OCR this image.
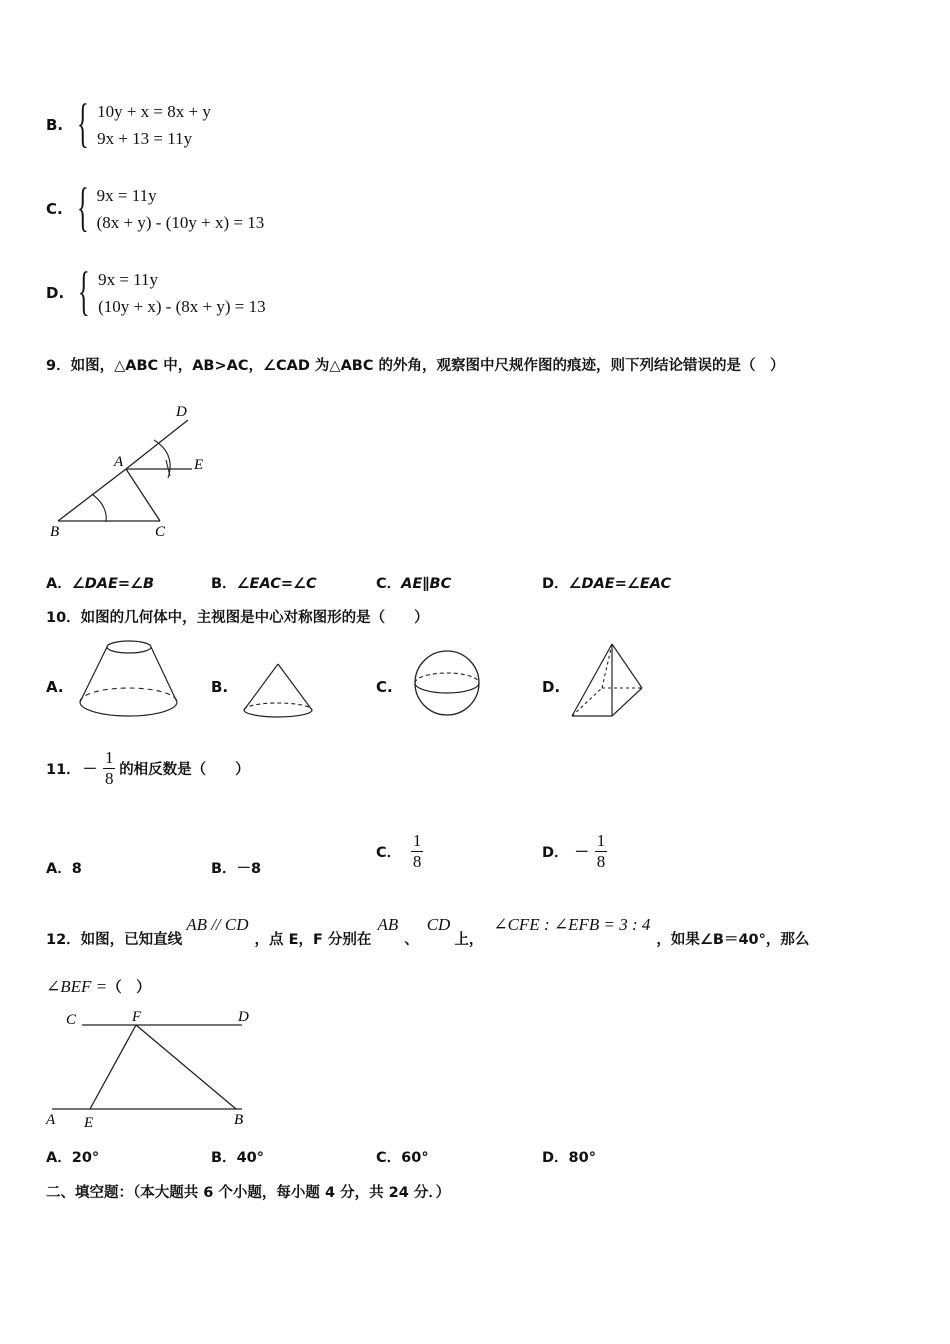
B. { 10y + x = 8x + y
9x + 13 = 11y
C. { 9x = 11y
(8x + y) - (10y + x) = 13
D. { 9x = 11y
(10y + x) - (8x + y) = 13
9．如图，△ABC 中，AB>AC，∠CAD 为△ABC 的外角，观察图中尺规作图的痕迹，则下列结论错误的是（　）
B	C
A
D
E
A．∠DAE=∠B	B．∠EAC=∠C	C．AE∥BC	D．∠DAE=∠EAC
10．如图的几何体中，主视图是中心对称图形的是（　　）
A.	B.	C.	D.
11． － $\frac{1}{8}$ 的相反数是（　　）
A．8	B．－8
C． $\frac{1}{8}$	D． － $\frac{1}{8}$
12．如图，已知直线
AB // CD
，点 E，F 分别在
AB
、
CD
上，
∠CFE : ∠EFB = 3 : 4
，如果∠B＝40°，那么
∠BEF = （　）
C	F	D
A E	B
A．20°	B．40°	C．60°	D．80°
二、填空题：（本大题共 6 个小题，每小题 4 分，共 24 分．）
